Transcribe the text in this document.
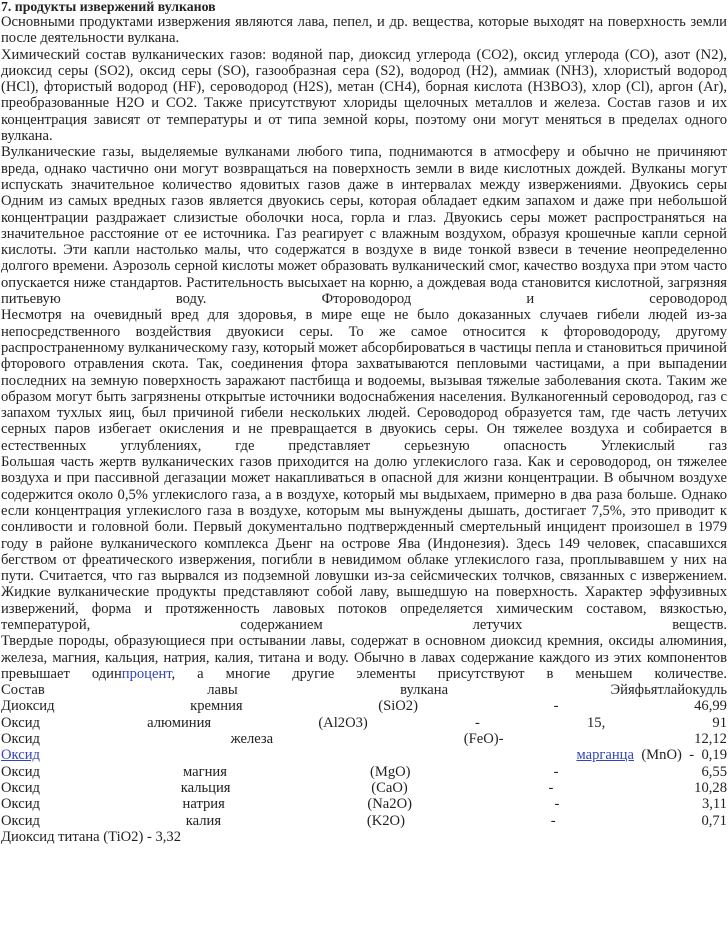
7. продукты извержений вулканов

Основными продуктами извержения являются лава, пепел, и др. вещества, которые выходят на поверхность земли после деятельности вулкана.

Химический состав вулканических газов: водяной пар, диоксид углерода (CO2), оксид углерода (CO), азот (N2), диоксид серы (SO2), оксид серы (SO), газообразная сера (S2), водород (H2), аммиак (NH3), хлористый водород (HCl), фтористый водород (HF), сероводород (H2S), метан (CH4), борная кислота (H3BO3), хлор (Cl), аргон (Ar), преобразованные H2O и CO2. Также присутствуют хлориды щелочных металлов и железа. Состав газов и их концентрация зависят от температуры и от типа земной коры, поэтому они могут меняться в пределах одного вулкана.

Вулканические газы, выделяемые вулканами любого типа, поднимаются в атмосферу и обычно не причиняют вреда, однако частично они могут возвращаться на поверхность земли в виде кислотных дождей. Вулканы могут испускать значительное количество ядовитых газов даже в интервалах между извержениями. Двуокись серы

Одним из самых вредных газов является двуокись серы, которая обладает едким запахом и даже при небольшой концентрации раздражает слизистые оболочки носа, горла и глаз. Двуокись серы может распространяться на значительное расстояние от ее источника. Газ реагирует с влажным воздухом, образуя крошечные капли серной кислоты. Эти капли настолько малы, что содержатся в воздухе в виде тонкой взвеси в течение неопределенно долгого времени. Аэрозоль серной кислоты может образовать вулканический смог, качество воздуха при этом часто опускается ниже стандартов. Растительность высыхает на корню, а дождевая вода становится кислотной, загрязняя питьевую воду. Фтороводород и сероводород

Несмотря на очевидный вред для здоровья, в мире еще не было доказанных случаев гибели людей из-за непосредственного воздействия двуокиси серы. То же самое относится к фтороводороду, другому распространенному вулканическому газу, который может абсорбироваться в частицы пепла и становиться причиной фторового отравления скота. Так, соединения фтора захватываются пепловыми частицами, а при выпадении последних на земную поверхность заражают пастбища и водоемы, вызывая тяжелые заболевания скота. Таким же образом могут быть загрязнены открытые источники водоснабжения населения. Вулканогенный сероводород, газ с запахом тухлых яиц, был причиной гибели нескольких людей. Сероводород образуется там, где часть летучих серных паров избегает окисления и не превращается в двуокись серы. Он тяжелее воздуха и собирается в естественных углублениях, где представляет серьезную опасность Углекислый газ

Большая часть жертв вулканических газов приходится на долю углекислого газа. Как и сероводород, он тяжелее воздуха и при пассивной дегазации может накапливаться в опасной для жизни концентрации. В обычном воздухе содержится около 0,5% углекислого газа, а в воздухе, который мы выдыхаем, примерно в два раза больше. Однако если концентрация углекислого газа в воздухе, которым мы вынуждены дышать, достигает 7,5%, это приводит к сонливости и головной боли. Первый документально подтвержденный смертельный инцидент произошел в 1979 году в районе вулканического комплекса Дьенг на острове Ява (Индонезия). Здесь 149 человек, спасавшихся бегством от фреатического извержения, погибли в невидимом облаке углекислого газа, проплывавшем у них на пути. Считается, что газ вырвался из подземной ловушки из-за сейсмических толчков, связанных с извержением. Жидкие вулканические продукты представляют собой лаву, вышедшую на поверхность. Характер эффузивных извержений, форма и протяженность лавовых потоков определяется химическим составом, вязкостью, температурой, содержанием летучих веществ.

Твердые породы, образующиеся при остывании лавы, содержат в основном диоксид кремния, оксиды алюминия, железа, магния, кальция, натрия, калия, титана и воду. Обычно в лавах содержание каждого из этих компонентов превышает одинпроцент, а многие другие элементы присутствуют в меньшем количестве.

Состав	лавы	вулкана	Эйяфьятлайокудль
Диоксид	кремния	(SiO2)	-	46,99
Оксид	алюминия	(Al2O3)	-	15,	91
Оксид	железа	(FeO)-	12,12
Оксид	марганца (MnO) - 0,19
Оксид	магния	(MgO)	-	6,55
Оксид	кальция	(CaO)	-	10,28
Оксид	натрия	(Na2O)	-	3,11
Оксид	калия	(K2O)	-	0,71
Диоксид титана (TiO2) - 3,32
